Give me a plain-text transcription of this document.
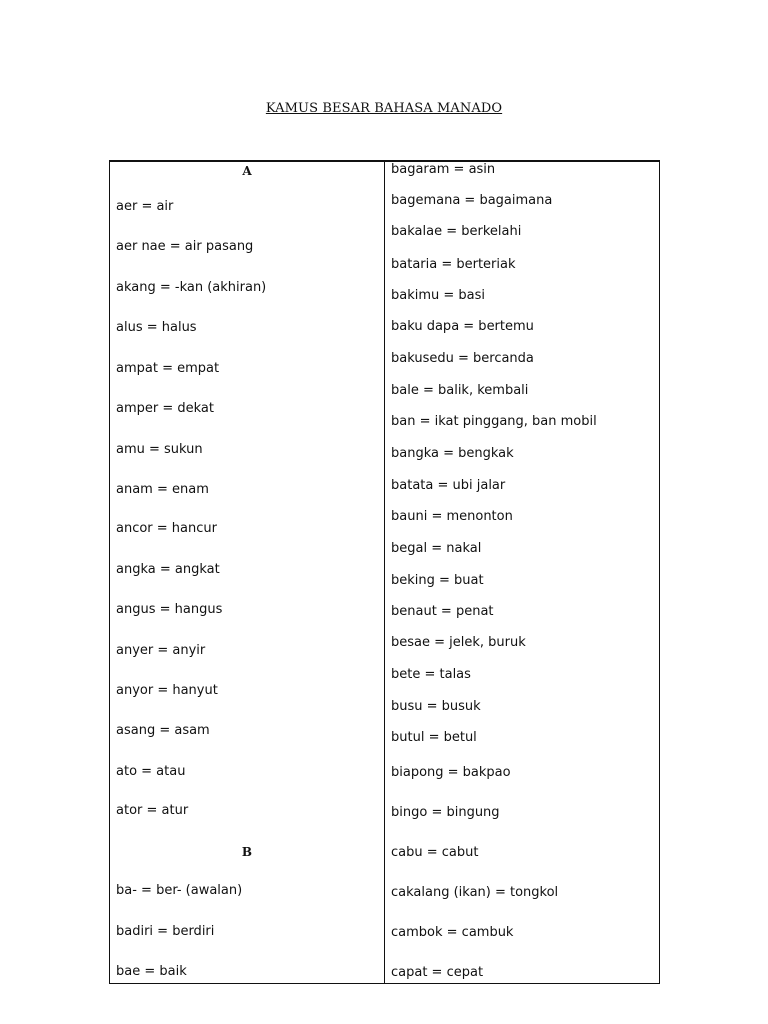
KAMUS BESAR BAHASA MANADO
A
aer = air
aer nae = air pasang
akang = -kan (akhiran)
alus = halus
ampat = empat
amper = dekat
amu = sukun
anam = enam
ancor = hancur
angka = angkat
angus = hangus
anyer = anyir
anyor = hanyut
asang = asam
ato = atau
ator = atur
B
ba- = ber- (awalan)
badiri = berdiri
bae = baik
bagaram = asin
bagemana = bagaimana
bakalae = berkelahi
bataria = berteriak
bakimu = basi
baku dapa = bertemu
bakusedu = bercanda
bale = balik, kembali
ban = ikat pinggang, ban mobil
bangka = bengkak
batata = ubi jalar
bauni = menonton
begal = nakal
beking = buat
benaut = penat
besae = jelek, buruk
bete = talas
busu = busuk
butul = betul
biapong = bakpao
bingo = bingung
cabu = cabut
cakalang (ikan) = tongkol
cambok = cambuk
capat = cepat
